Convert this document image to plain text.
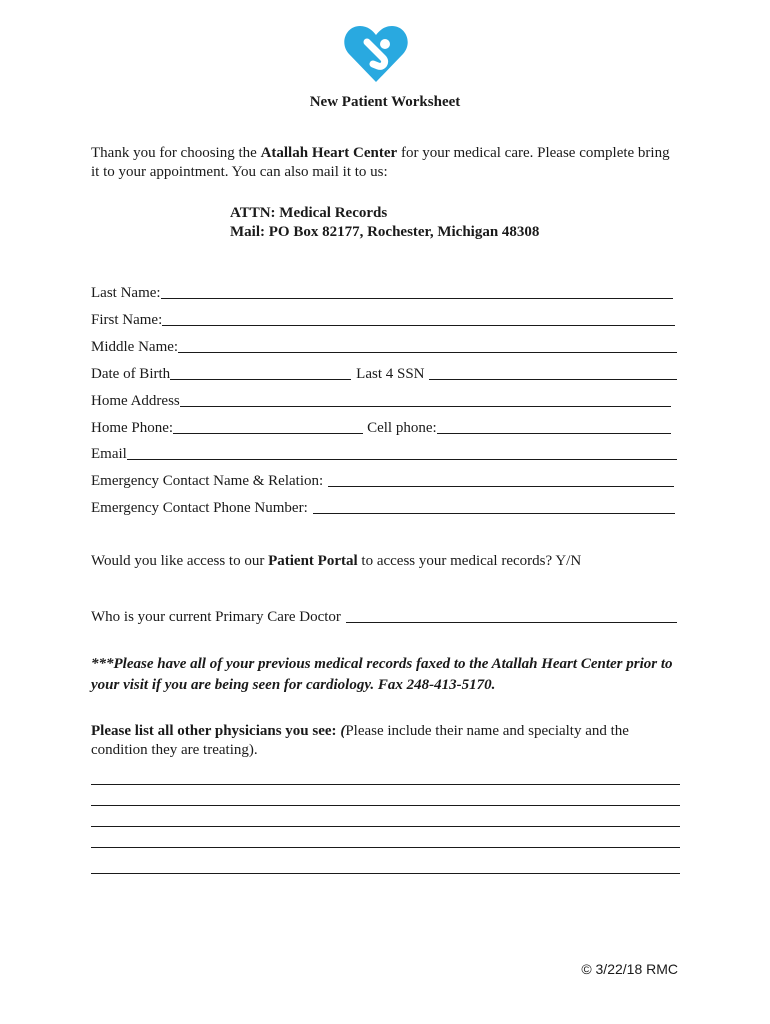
New Patient Worksheet
Thank you for choosing the Atallah Heart Center for your medical care. Please complete bring
it to your appointment. You can also mail it to us:
ATTN: Medical Records
Mail: PO Box 82177, Rochester, Michigan 48308
Last Name:
First Name:
Middle Name:
Date of Birth	Last 4 SSN
Home Address
Home Phone:	Cell phone:
Email
Emergency Contact Name & Relation:
Emergency Contact Phone Number:
Would you like access to our Patient Portal to access your medical records? Y/N
Who is your current Primary Care Doctor
***Please have all of your previous medical records faxed to the Atallah Heart Center prior to your visit if you are being seen for cardiology. Fax 248-413-5170.
Please list all other physicians you see: (Please include their name and specialty and the
condition they are treating).
© 3/22/18 RMC
